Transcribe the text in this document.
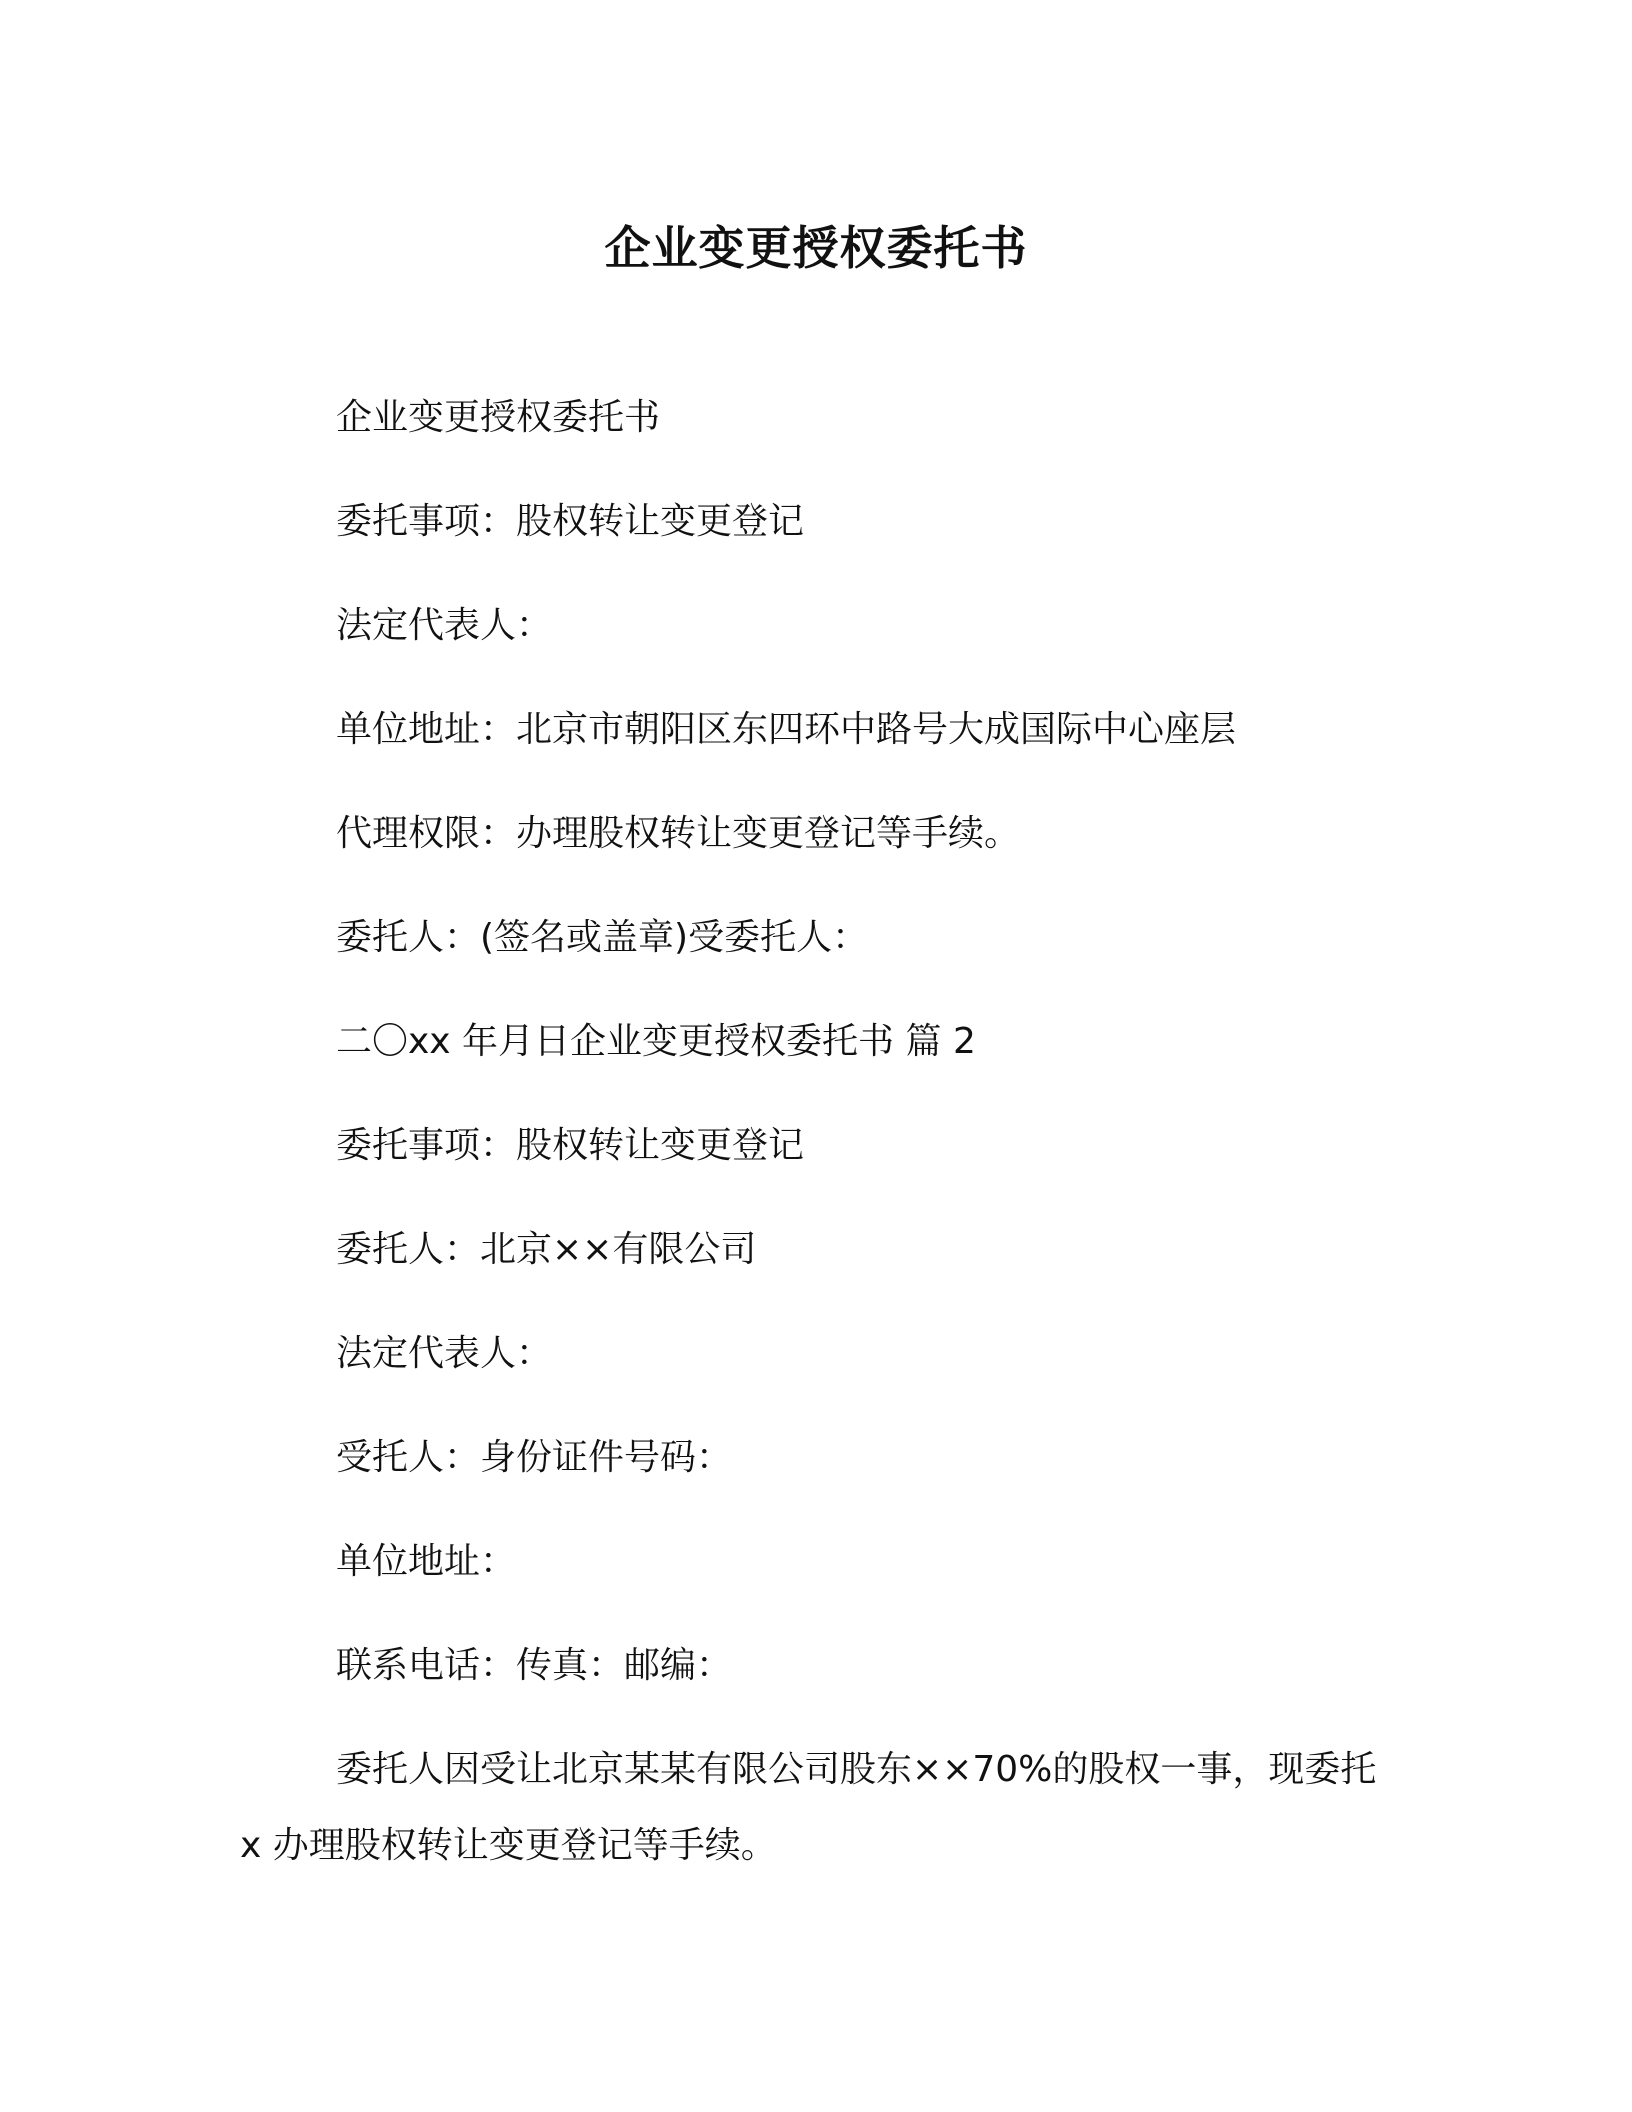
企业变更授权委托书

企业变更授权委托书

委托事项：股权转让变更登记

法定代表人：

单位地址：北京市朝阳区东四环中路号大成国际中心座层

代理权限：办理股权转让变更登记等手续。

委托人：(签名或盖章)受委托人：

二〇xx 年月日企业变更授权委托书 篇 2

委托事项：股权转让变更登记

委托人：北京××有限公司

法定代表人：

受托人：身份证件号码：

单位地址：

联系电话：传真：邮编：

委托人因受让北京某某有限公司股东××70%的股权一事，现委托 x 办理股权转让变更登记等手续。
